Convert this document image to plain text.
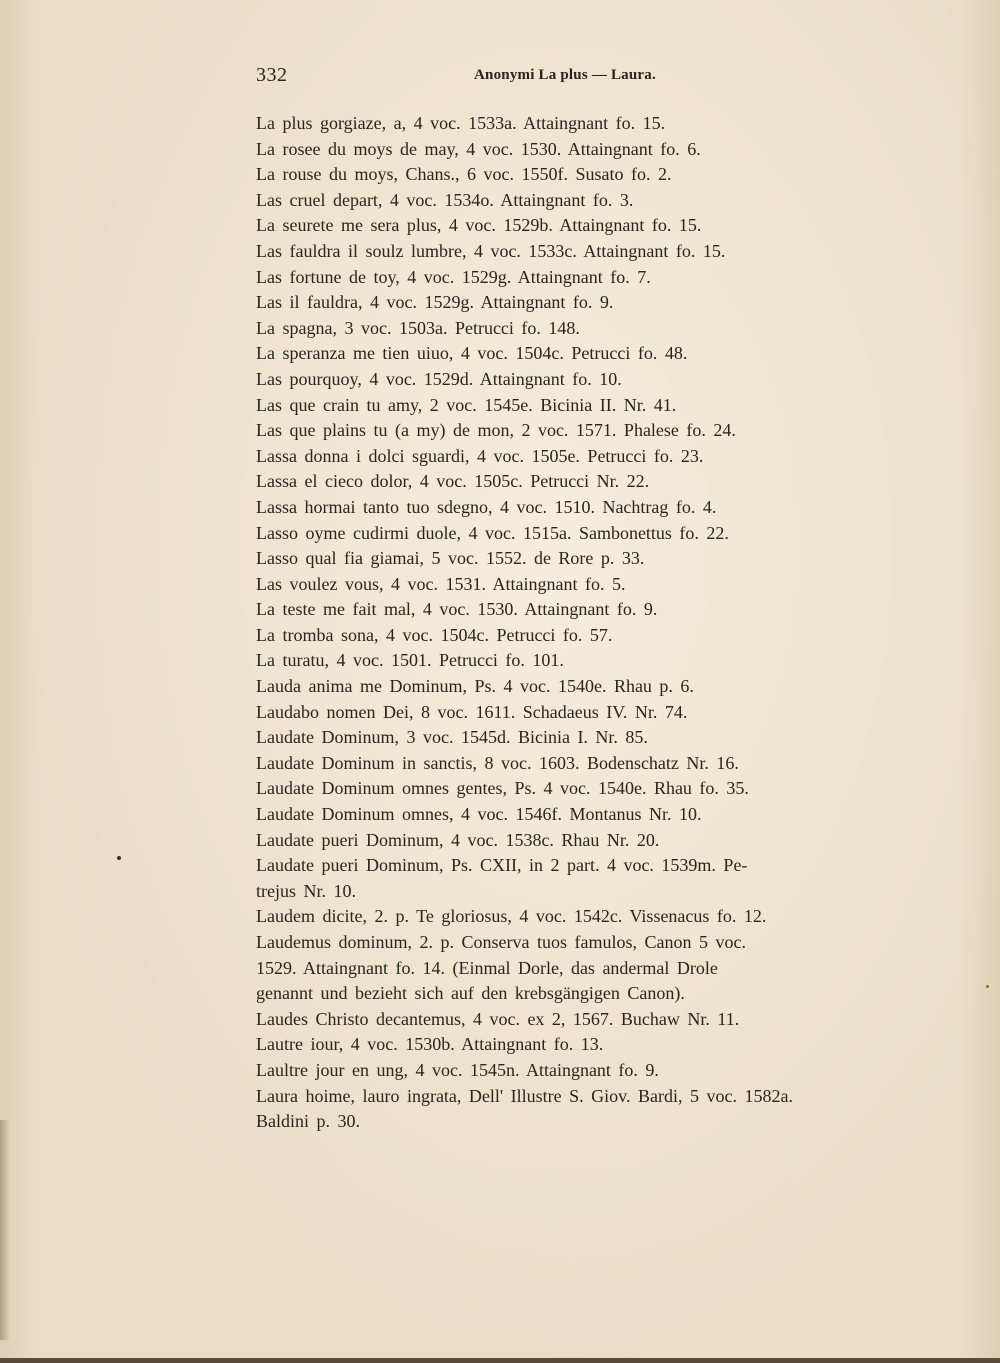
332	Anonymi La plus — Laura.
La plus gorgiaze, a, 4 voc. 1533a. Attaingnant fo. 15.
La rosee du moys de may, 4 voc. 1530. Attaingnant fo. 6.
La rouse du moys, Chans., 6 voc. 1550f. Susato fo. 2.
Las cruel depart, 4 voc. 1534o. Attaingnant fo. 3.
La seurete me sera plus, 4 voc. 1529b. Attaingnant fo. 15.
Las fauldra il soulz lumbre, 4 voc. 1533c. Attaingnant fo. 15.
Las fortune de toy, 4 voc. 1529g. Attaingnant fo. 7.
Las il fauldra, 4 voc. 1529g. Attaingnant fo. 9.
La spagna, 3 voc. 1503a. Petrucci fo. 148.
La speranza me tien uiuo, 4 voc. 1504c. Petrucci fo. 48.
Las pourquoy, 4 voc. 1529d. Attaingnant fo. 10.
Las que crain tu amy, 2 voc. 1545e. Bicinia II. Nr. 41.
Las que plains tu (a my) de mon, 2 voc. 1571. Phalese fo. 24.
Lassa donna i dolci sguardi, 4 voc. 1505e. Petrucci fo. 23.
Lassa el cieco dolor, 4 voc. 1505c. Petrucci Nr. 22.
Lassa hormai tanto tuo sdegno, 4 voc. 1510. Nachtrag fo. 4.
Lasso oyme cudirmi duole, 4 voc. 1515a. Sambonettus fo. 22.
Lasso qual fia giamai, 5 voc. 1552. de Rore p. 33.
Las voulez vous, 4 voc. 1531. Attaingnant fo. 5.
La teste me fait mal, 4 voc. 1530. Attaingnant fo. 9.
La tromba sona, 4 voc. 1504c. Petrucci fo. 57.
La turatu, 4 voc. 1501. Petrucci fo. 101.
Lauda anima me Dominum, Ps. 4 voc. 1540e. Rhau p. 6.
Laudabo nomen Dei, 8 voc. 1611. Schadaeus IV. Nr. 74.
Laudate Dominum, 3 voc. 1545d. Bicinia I. Nr. 85.
Laudate Dominum in sanctis, 8 voc. 1603. Bodenschatz Nr. 16.
Laudate Dominum omnes gentes, Ps. 4 voc. 1540e. Rhau fo. 35.
Laudate Dominum omnes, 4 voc. 1546f. Montanus Nr. 10.
Laudate pueri Dominum, 4 voc. 1538c. Rhau Nr. 20.
Laudate pueri Dominum, Ps. CXII, in 2 part. 4 voc. 1539m. Pe-
trejus Nr. 10.
Laudem dicite, 2. p. Te gloriosus, 4 voc. 1542c. Vissenacus fo. 12.
Laudemus dominum, 2. p. Conserva tuos famulos, Canon 5 voc.
1529. Attaingnant fo. 14. (Einmal Dorle, das andermal Drole
genannt und bezieht sich auf den krebsgängigen Canon).
Laudes Christo decantemus, 4 voc. ex 2, 1567. Buchaw Nr. 11.
Lautre iour, 4 voc. 1530b. Attaingnant fo. 13.
Laultre jour en ung, 4 voc. 1545n. Attaingnant fo. 9.
Laura hoime, lauro ingrata, Dell' Illustre S. Giov. Bardi, 5 voc. 1582a.
Baldini p. 30.
